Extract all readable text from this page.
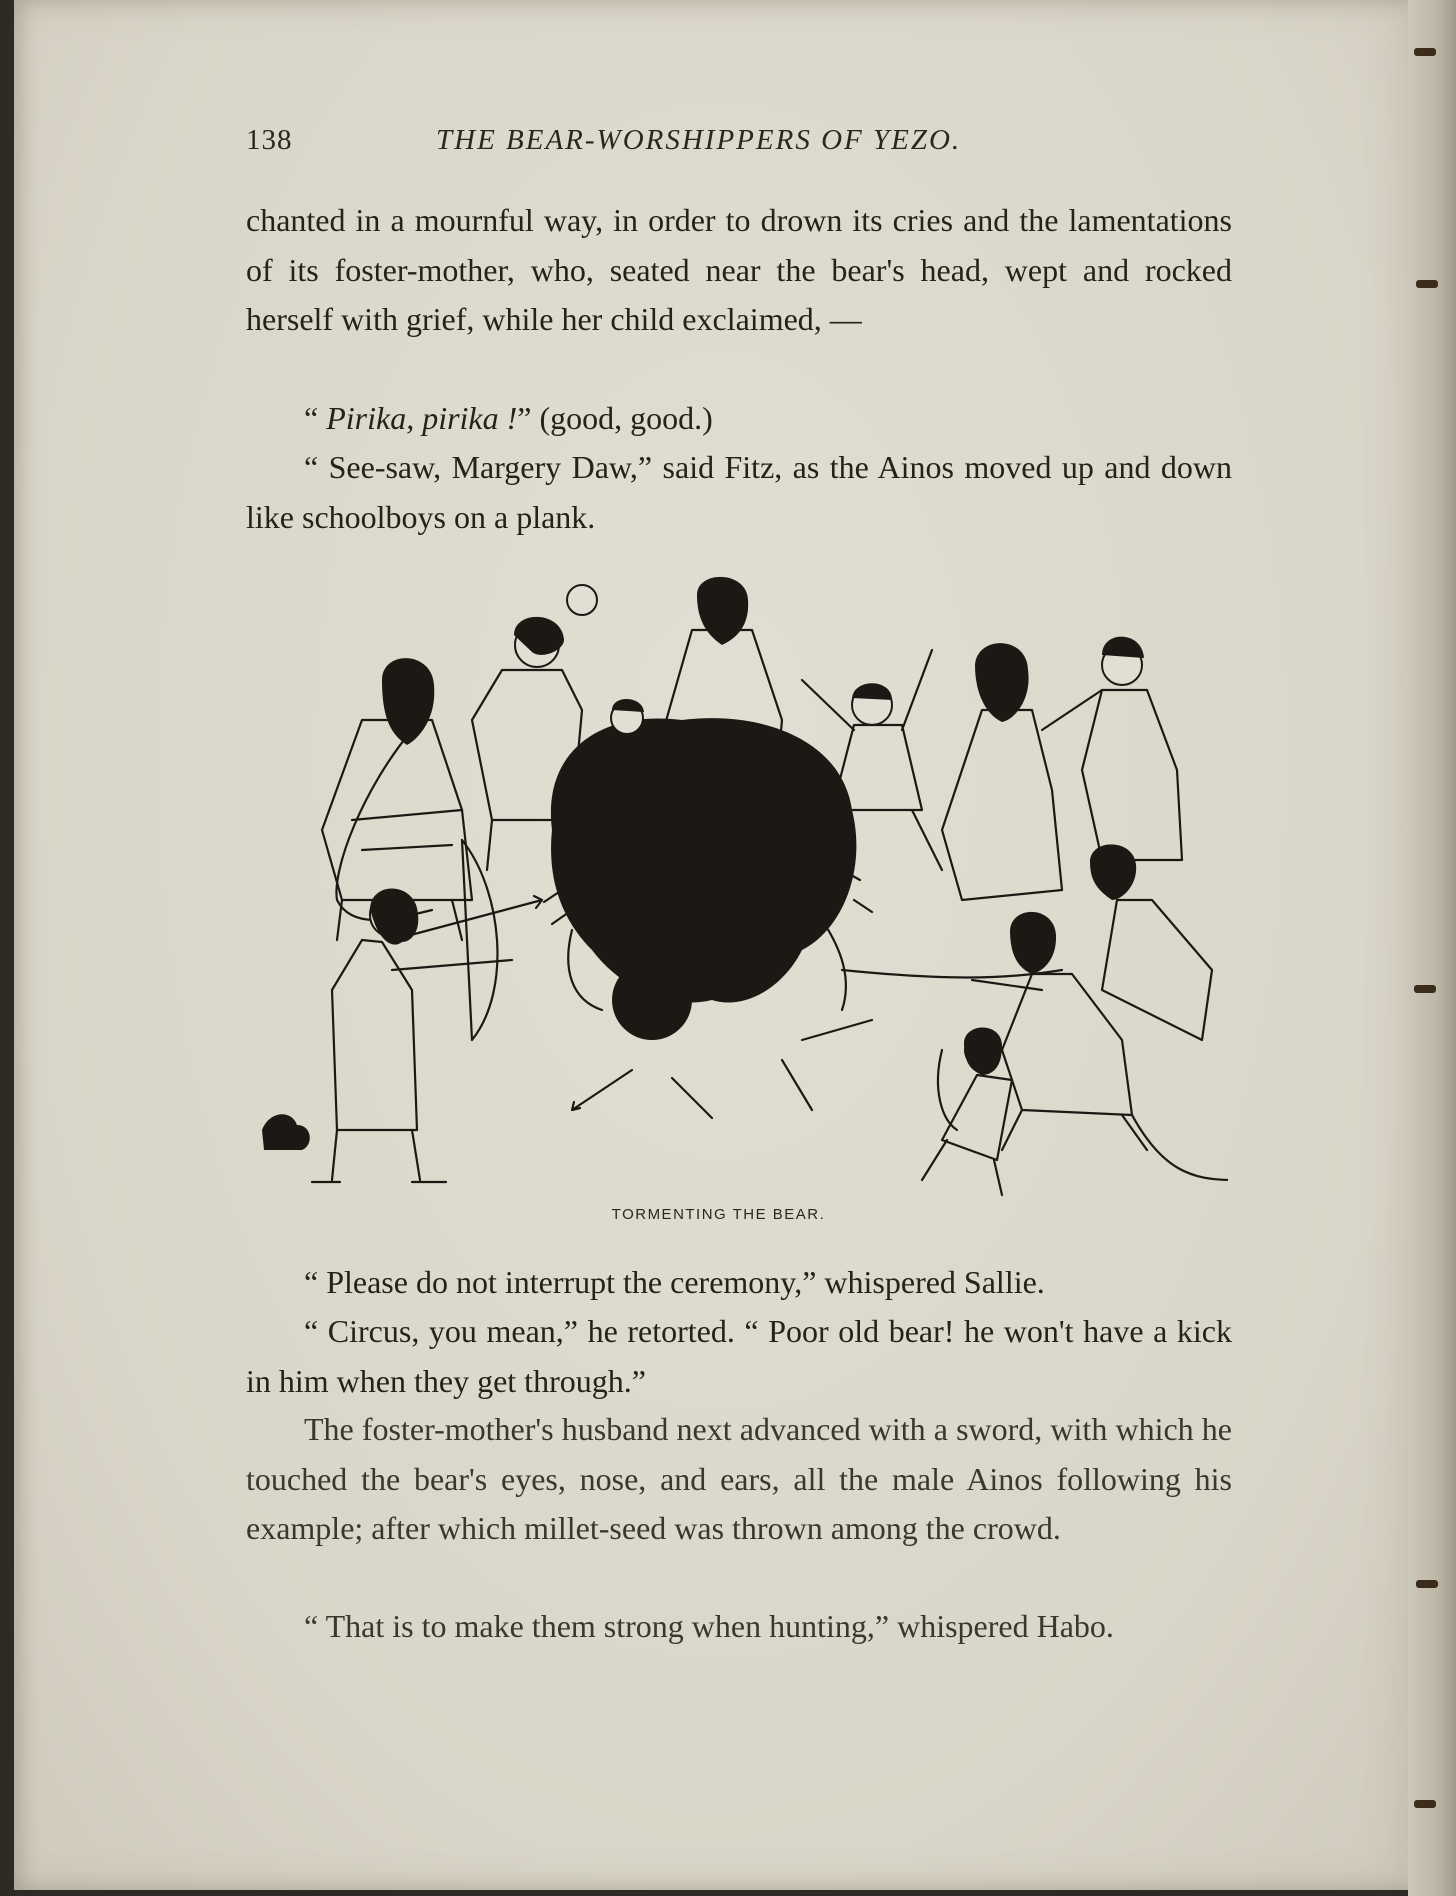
138	THE BEAR-WORSHIPPERS OF YEZO.

chanted in a mournful way, in order to drown its cries and the lamentations of its foster-mother, who, seated near the bear's head, wept and rocked herself with grief, while her child exclaimed, —

“ Pirika, pirika !” (good, good.)

“ See-saw, Margery Daw,” said Fitz, as the Ainos moved up and down like schoolboys on a plank.

TORMENTING THE BEAR.

“ Please do not interrupt the ceremony,” whispered Sallie.

“ Circus, you mean,” he retorted. “ Poor old bear! he won't have a kick in him when they get through.”

The foster-mother's husband next advanced with a sword, with which he touched the bear's eyes, nose, and ears, all the male Ainos following his example; after which millet-seed was thrown among the crowd.

“ That is to make them strong when hunting,” whispered Habo.
